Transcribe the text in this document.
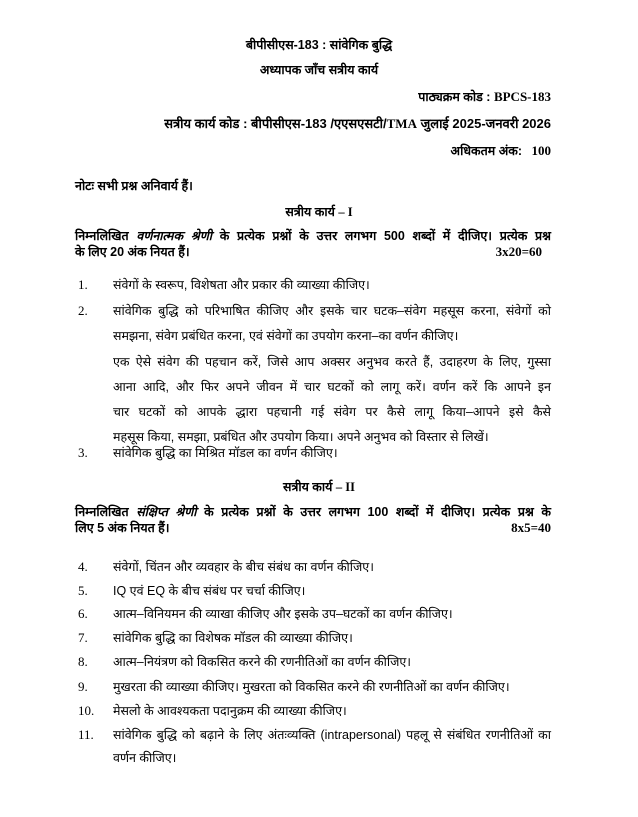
बीपीसीएस-183 : सांवेगिक बुद्धि
अध्यापक जाँच सत्रीय कार्य
पाठ्यक्रम कोड : BPCS-183
सत्रीय कार्य कोड : बीपीसीएस-183 /एएसएसटी/TMA जुलाई 2025-जनवरी 2026
अधिकतम अंक: 100
नोटः सभी प्रश्न अनिवार्य हैं।
सत्रीय कार्य – I
निम्नलिखित वर्णनात्मक श्रेणी के प्रत्येक प्रश्नों के उत्तर लगभग 500 शब्दों में दीजिए। प्रत्येक प्रश्न
के लिए 20 अंक नियत हैं।	3x20=60
सत्रीय कार्य – II
निम्नलिखित संक्षिप्त श्रेणी के प्रत्येक प्रश्नों के उत्तर लगभग 100 शब्दों में दीजिए। प्रत्येक प्रश्न के
लिए 5 अंक नियत हैं।	8x5=40
1. संवेगों के स्वरूप, विशेषता और प्रकार की व्याख्या कीजिए।
2. सांवेगिक बुद्धि को परिभाषित कीजिए और इसके चार घटक–संवेग महसूस करना, संवेगों को
समझना, संवेग प्रबंधित करना, एवं संवेगों का उपयोग करना–का वर्णन कीजिए।
एक ऐसे संवेग की पहचान करें, जिसे आप अक्सर अनुभव करते हैं, उदाहरण के लिए, गुस्सा
आना आदि, और फिर अपने जीवन में चार घटकों को लागू करें। वर्णन करें कि आपने इन
चार घटकों को आपके द्धारा पहचानी गई संवेग पर कैसे लागू किया–आपने इसे कैसे
महसूस किया, समझा, प्रबंधित और उपयोग किया। अपने अनुभव को विस्तार से लिखें।
3. सांवेगिक बुद्धि का मिश्रित मॉडल का वर्णन कीजिए।
4. संवेगों, चिंतन और व्यवहार के बीच संबंध का वर्णन कीजिए।
5. IQ एवं EQ के बीच संबंध पर चर्चा कीजिए।
6. आत्म–विनियमन की व्याखा कीजिए और इसके उप–घटकों का वर्णन कीजिए।
7. सांवेगिक बुद्धि का विशेषक मॉडल की व्याख्या कीजिए।
8. आत्म–नियंत्रण को विकसित करने की रणनीतिओं का वर्णन कीजिए।
9. मुखरता की व्याख्या कीजिए। मुखरता को विकसित करने की रणनीतिओं का वर्णन कीजिए।
10. मेसलो के आवश्यकता पदानुक्रम की व्याख्या कीजिए।
11. सांवेगिक बुद्धि को बढ़ाने के लिए अंतःव्यक्ति (intrapersonal) पहलू से संबंधित रणनीतिओं का
वर्णन कीजिए।
